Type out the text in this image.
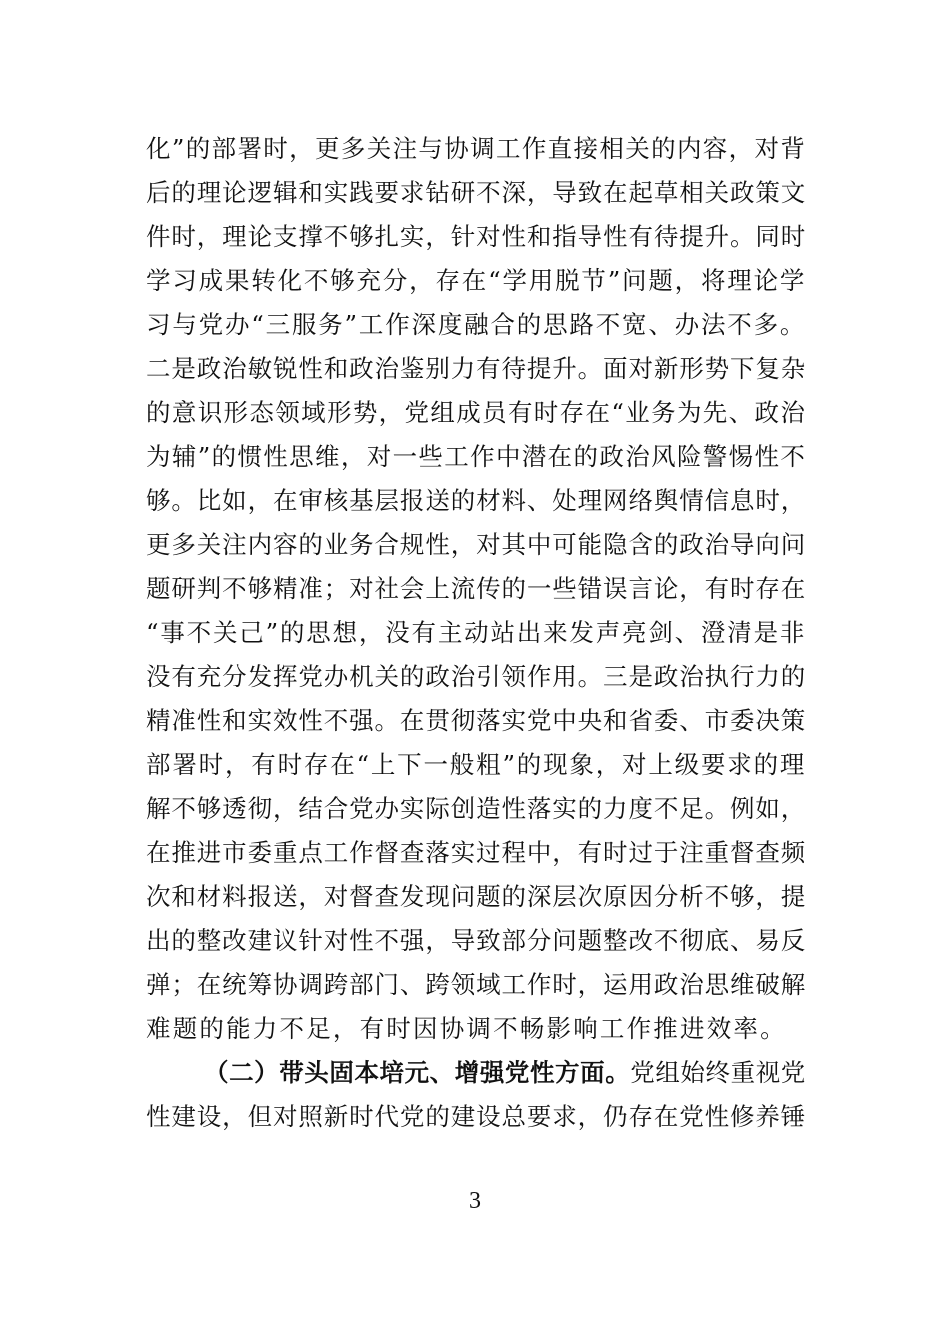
化”的部署时，更多关注与协调工作直接相关的内容，对背
后的理论逻辑和实践要求钻研不深，导致在起草相关政策文
件时，理论支撑不够扎实，针对性和指导性有待提升。同时
学习成果转化不够充分，存在“学用脱节”问题，将理论学
习与党办“三服务”工作深度融合的思路不宽、办法不多。
二是政治敏锐性和政治鉴别力有待提升。面对新形势下复杂
的意识形态领域形势，党组成员有时存在“业务为先、政治
为辅”的惯性思维，对一些工作中潜在的政治风险警惕性不
够。比如，在审核基层报送的材料、处理网络舆情信息时，
更多关注内容的业务合规性，对其中可能隐含的政治导向问
题研判不够精准；对社会上流传的一些错误言论，有时存在
“事不关己”的思想，没有主动站出来发声亮剑、澄清是非
没有充分发挥党办机关的政治引领作用。三是政治执行力的
精准性和实效性不强。在贯彻落实党中央和省委、市委决策
部署时，有时存在“上下一般粗”的现象，对上级要求的理
解不够透彻，结合党办实际创造性落实的力度不足。例如，
在推进市委重点工作督查落实过程中，有时过于注重督查频
次和材料报送，对督查发现问题的深层次原因分析不够，提
出的整改建议针对性不强，导致部分问题整改不彻底、易反
弹；在统筹协调跨部门、跨领域工作时，运用政治思维破解
难题的能力不足，有时因协调不畅影响工作推进效率。
（二）带头固本培元、增强党性方面。党组始终重视党
性建设，但对照新时代党的建设总要求，仍存在党性修养锤
3
